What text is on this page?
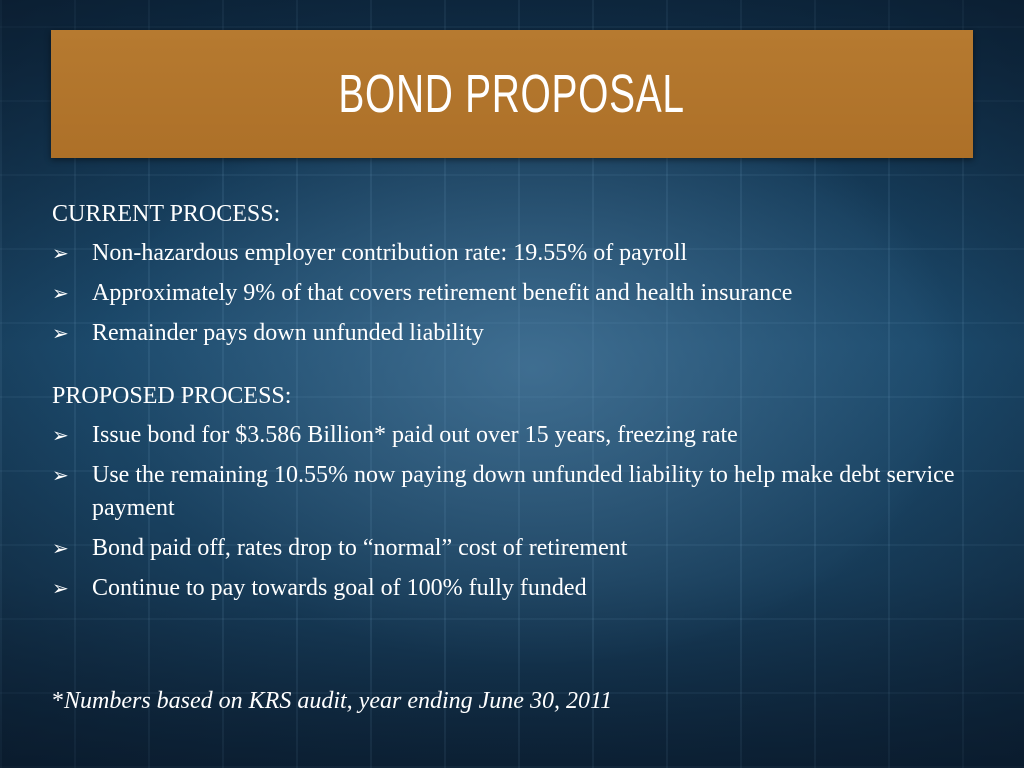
BOND PROPOSAL
CURRENT PROCESS:
➢ Non-hazardous employer contribution rate: 19.55% of payroll
➢ Approximately 9% of that covers retirement benefit and health insurance
➢ Remainder pays down unfunded liability
PROPOSED PROCESS:
➢ Issue bond for $3.586 Billion* paid out over 15 years, freezing rate
➢ Use the remaining 10.55% now paying down unfunded liability to help make debt service payment
➢ Bond paid off, rates drop to “normal” cost of retirement
➢ Continue to pay towards goal of 100% fully funded
*Numbers based on KRS audit, year ending June 30, 2011
